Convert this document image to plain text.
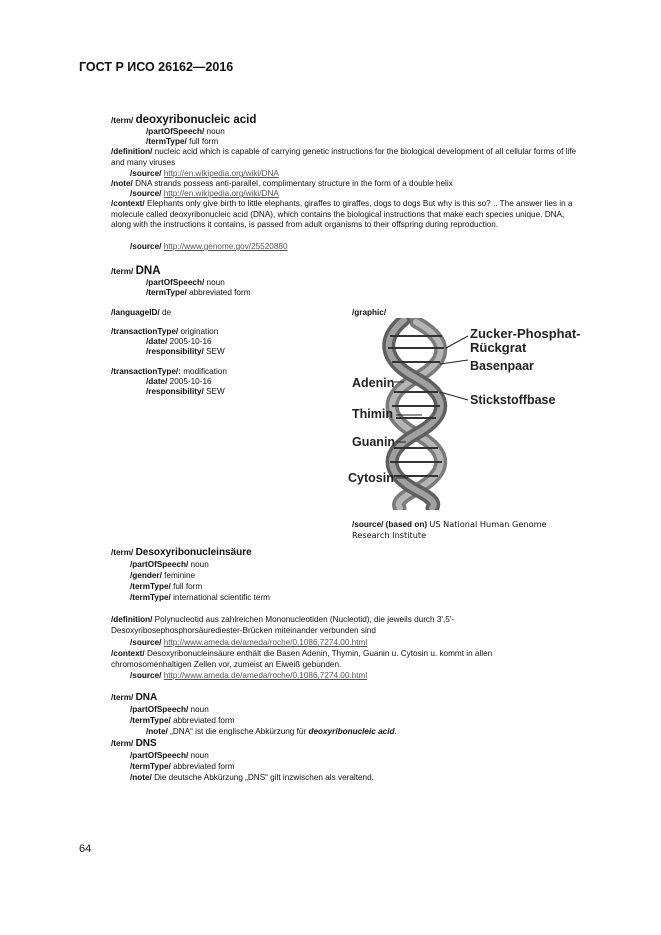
ГОСТ Р ИСО 26162—2016
/term/ deoxyribonucleic acid
/partOfSpeech/ noun
/termType/ full form
/definition/ nucleic acid which is capable of carrying genetic instructions for the biological development of all cellular forms of life and many viruses
/source/ http://en.wikipedia.org/wiki/DNA
/note/ DNA strands possess anti-parallel, complimentary structure in the form of a double helix
/source/ http://en.wikipedia.org/wiki/DNA
/context/ Elephants only give birth to little elephants, giraffes to giraffes, dogs to dogs But why is this so? .. The answer lies in a molecule called deoxyribonucleic acid (DNA), which contains the biological instructions that make each species unique. DNA, along with the instructions it contains, is passed from adult organisms to their offspring during reproduction.
/source/ http://www.genome.gov/25520880
/term/ DNA
/partOfSpeech/ noun
/termType/ abbreviated form
/languageID/ de
/transactionType/ origination
/date/ 2005-10-16
/responsibility/ SEW
/transactionType/: modification
/date/ 2005-10-16
/responsibility/ SEW
/graphic/
Zucker-Phosphat-
Rückgrat
Basenpaar
Adenin
Stickstoffbase
Thimin
Guanin
Cytosin
/source/ (based on) US National Human Genome
Research Institute
/term/ Desoxyribonucleinsäure
/partOfSpeech/ noun
/gender/ feminine
/termType/ full form
/termType/ international scientific term
/definition/ Polynucleotid aus zahlreichen Mononucleotiden (Nucleotid), die jeweils durch 3',5'-Desoxyribosephosphorsäurediester-Brücken miteinander verbunden sind
/source/ http://www.ameda.de/ameda/roche/0,1086,7274.00.html
/context/ Desoxyribonucleinsäure enthält die Basen Adenin, Thymin, Guanin u. Cytosin u. kommt in allen chromosomenhaltigen Zellen vor, zumeist an Eiweiß gebunden.
/source/ http://www.ameda.de/ameda/roche/0,1086,7274.00.html
/term/ DNA
/partOfSpeech/ noun
/termType/ abbreviated form
/note/ „DNA“ ist die englische Abkürzung für deoxyribonucleic acid.
/term/ DNS
/partOfSpeech/ noun
/termType/ abbreviated form
/note/ Die deutsche Abkürzung „DNS“ gilt inzwischen als veraltend.
64
